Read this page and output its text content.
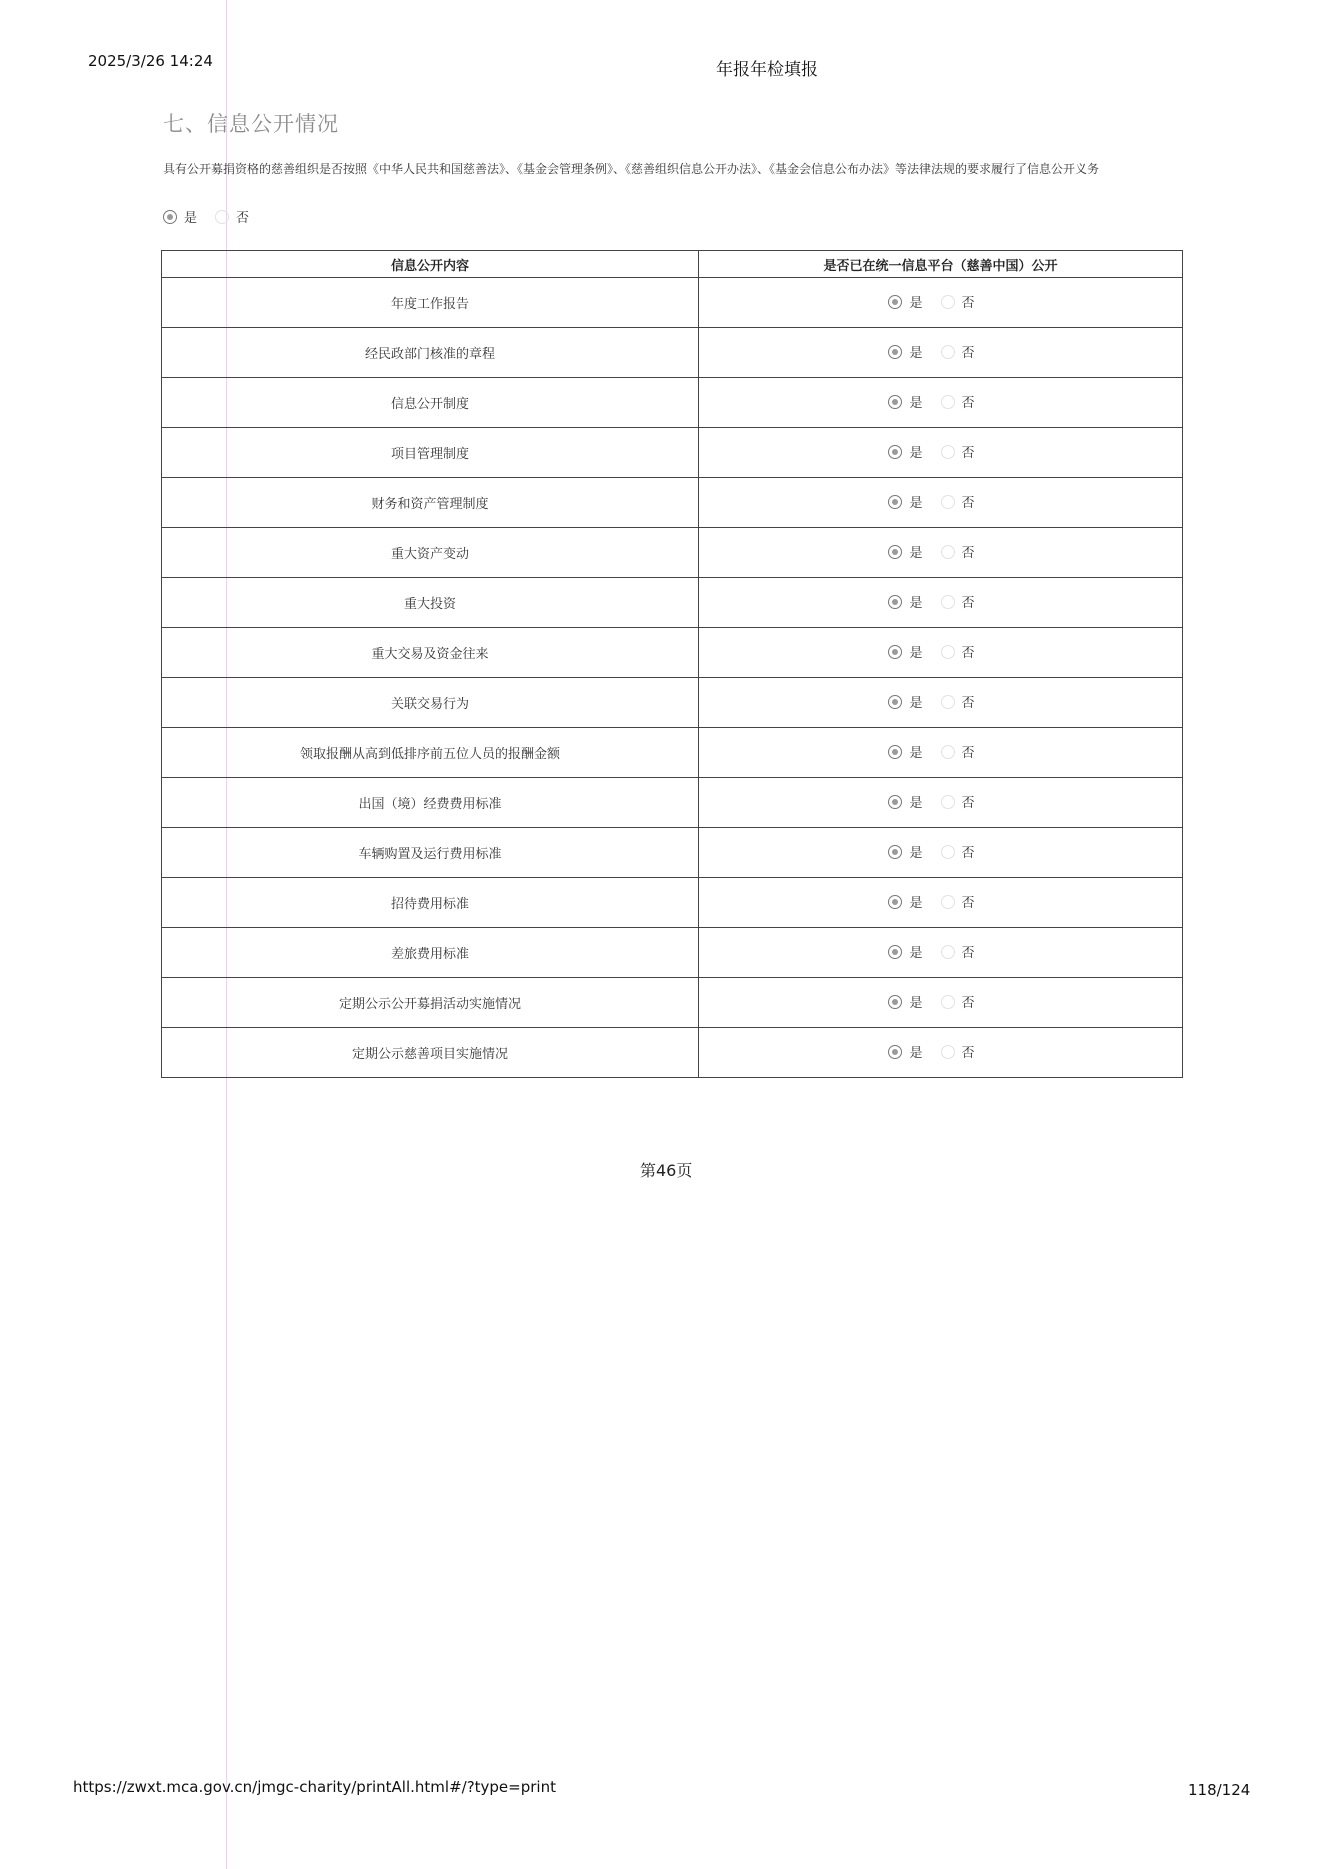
2025/3/26 14:24	年报年检填报
七、信息公开情况
具有公开募捐资格的慈善组织是否按照《中华人民共和国慈善法》、《基金会管理条例》、《慈善组织信息公开办法》、《基金会信息公布办法》等法律法规的要求履行了信息公开义务
是	否
信息公开内容	是否已在统一信息平台（慈善中国）公开
年度工作报告	是 否

经民政部门核准的章程	是 否

信息公开制度	是 否

项目管理制度	是 否

财务和资产管理制度	是 否

重大资产变动	是 否

重大投资	是 否

重大交易及资金往来	是 否

关联交易行为	是 否

领取报酬从高到低排序前五位人员的报酬金额	是 否

出国（境）经费费用标准	是 否

车辆购置及运行费用标准	是 否

招待费用标准	是 否

差旅费用标准	是 否

定期公示公开募捐活动实施情况	是 否

定期公示慈善项目实施情况	是 否
第46页
https://zwxt.mca.gov.cn/jmgc-charity/printAll.html#/?type=print	118/124
